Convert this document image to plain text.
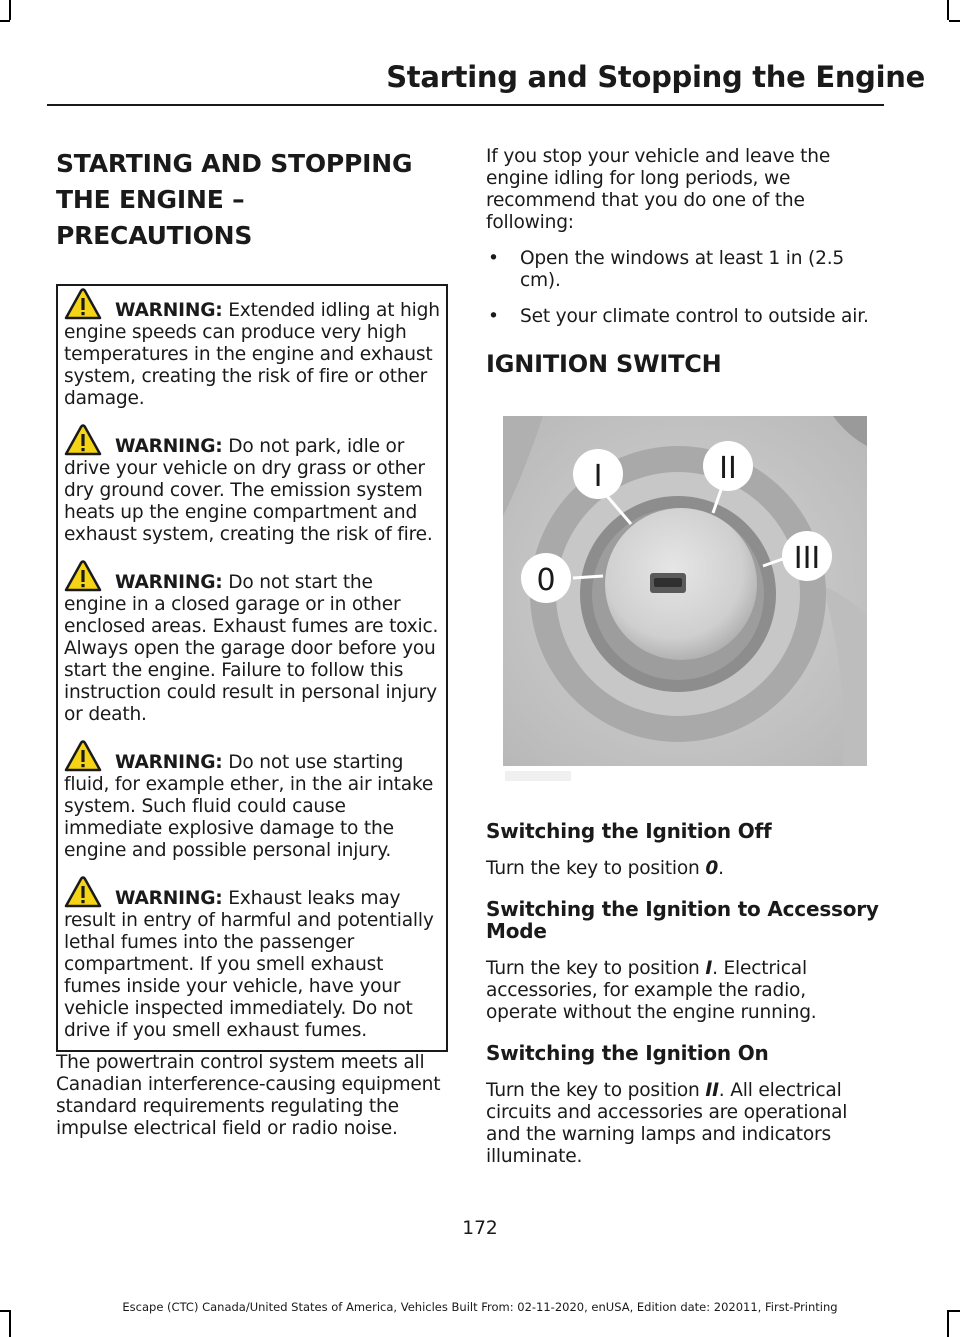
Starting and Stopping the Engine
STARTING AND STOPPING
THE ENGINE – PRECAUTIONS

WARNING: Extended idling at high engine speeds can produce very high temperatures in the engine and exhaust system, creating the risk of fire or other damage.

WARNING: Do not park, idle or drive your vehicle on dry grass or other dry ground cover. The emission system heats up the engine compartment and exhaust system, creating the risk of fire.

WARNING: Do not start the engine in a closed garage or in other enclosed areas. Exhaust fumes are toxic. Always open the garage door before you start the engine. Failure to follow this instruction could result in personal injury or death.

WARNING: Do not use starting fluid, for example ether, in the air intake system. Such fluid could cause immediate explosive damage to the engine and possible personal injury.

WARNING: Exhaust leaks may result in entry of harmful and potentially lethal fumes into the passenger compartment. If you smell exhaust fumes inside your vehicle, have your vehicle inspected immediately. Do not drive if you smell exhaust fumes.

The powertrain control system meets all Canadian interference-causing equipment standard requirements regulating the impulse electrical field or radio noise.

If you stop your vehicle and leave the engine idling for long periods, we recommend that you do one of the following:

• Open the windows at least 1 in (2.5 cm).
• Set your climate control to outside air.
IGNITION SWITCH
I	II
III
0
Switching the Ignition Off

Turn the key to position 0.

Switching the Ignition to Accessory Mode

Turn the key to position I. Electrical accessories, for example the radio, operate without the engine running.

Switching the Ignition On

Turn the key to position II. All electrical circuits and accessories are operational and the warning lamps and indicators illuminate.

172
Escape (CTC) Canada/United States of America, Vehicles Built From: 02-11-2020, enUSA, Edition date: 202011, First-Printing
